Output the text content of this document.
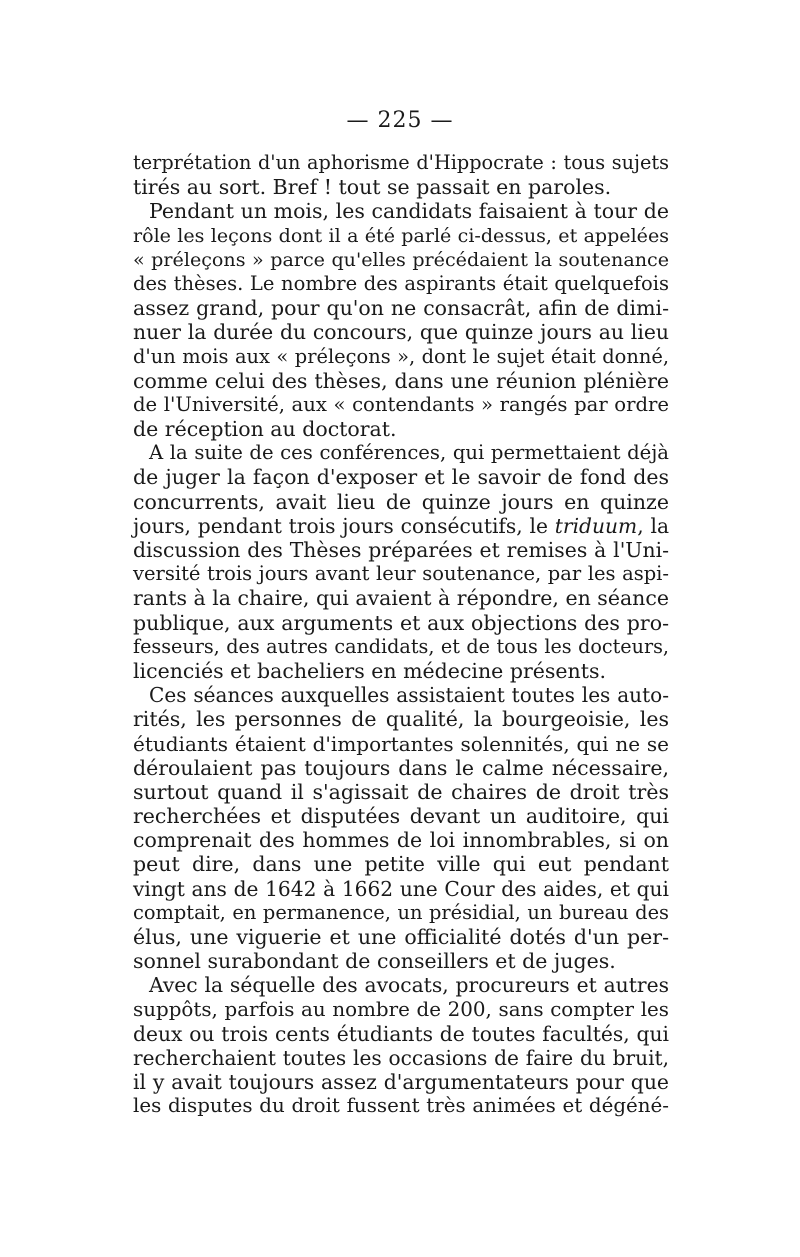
— 225 —
terprétation d'un aphorisme d'Hippocrate : tous sujets
tirés au sort. Bref ! tout se passait en paroles.
Pendant un mois, les candidats faisaient à tour de
rôle les leçons dont il a été parlé ci-dessus, et appelées
« préleçons » parce qu'elles précédaient la soutenance
des thèses. Le nombre des aspirants était quelquefois
assez grand, pour qu'on ne consacrât, afin de dimi-
nuer la durée du concours, que quinze jours au lieu
d'un mois aux « préleçons », dont le sujet était donné,
comme celui des thèses, dans une réunion plénière
de l'Université, aux « contendants » rangés par ordre
de réception au doctorat.
A la suite de ces conférences, qui permettaient déjà
de juger la façon d'exposer et le savoir de fond des
concurrents, avait lieu de quinze jours en quinze
jours, pendant trois jours consécutifs, le triduum, la
discussion des Thèses préparées et remises à l'Uni-
versité trois jours avant leur soutenance, par les aspi-
rants à la chaire, qui avaient à répondre, en séance
publique, aux arguments et aux objections des pro-
fesseurs, des autres candidats, et de tous les docteurs,
licenciés et bacheliers en médecine présents.
Ces séances auxquelles assistaient toutes les auto-
rités, les personnes de qualité, la bourgeoisie, les
étudiants étaient d'importantes solennités, qui ne se
déroulaient pas toujours dans le calme nécessaire,
surtout quand il s'agissait de chaires de droit très
recherchées et disputées devant un auditoire, qui
comprenait des hommes de loi innombrables, si on
peut dire, dans une petite ville qui eut pendant
vingt ans de 1642 à 1662 une Cour des aides, et qui
comptait, en permanence, un présidial, un bureau des
élus, une viguerie et une officialité dotés d'un per-
sonnel surabondant de conseillers et de juges.
Avec la séquelle des avocats, procureurs et autres
suppôts, parfois au nombre de 200, sans compter les
deux ou trois cents étudiants de toutes facultés, qui
recherchaient toutes les occasions de faire du bruit,
il y avait toujours assez d'argumentateurs pour que
les disputes du droit fussent très animées et dégéné-
